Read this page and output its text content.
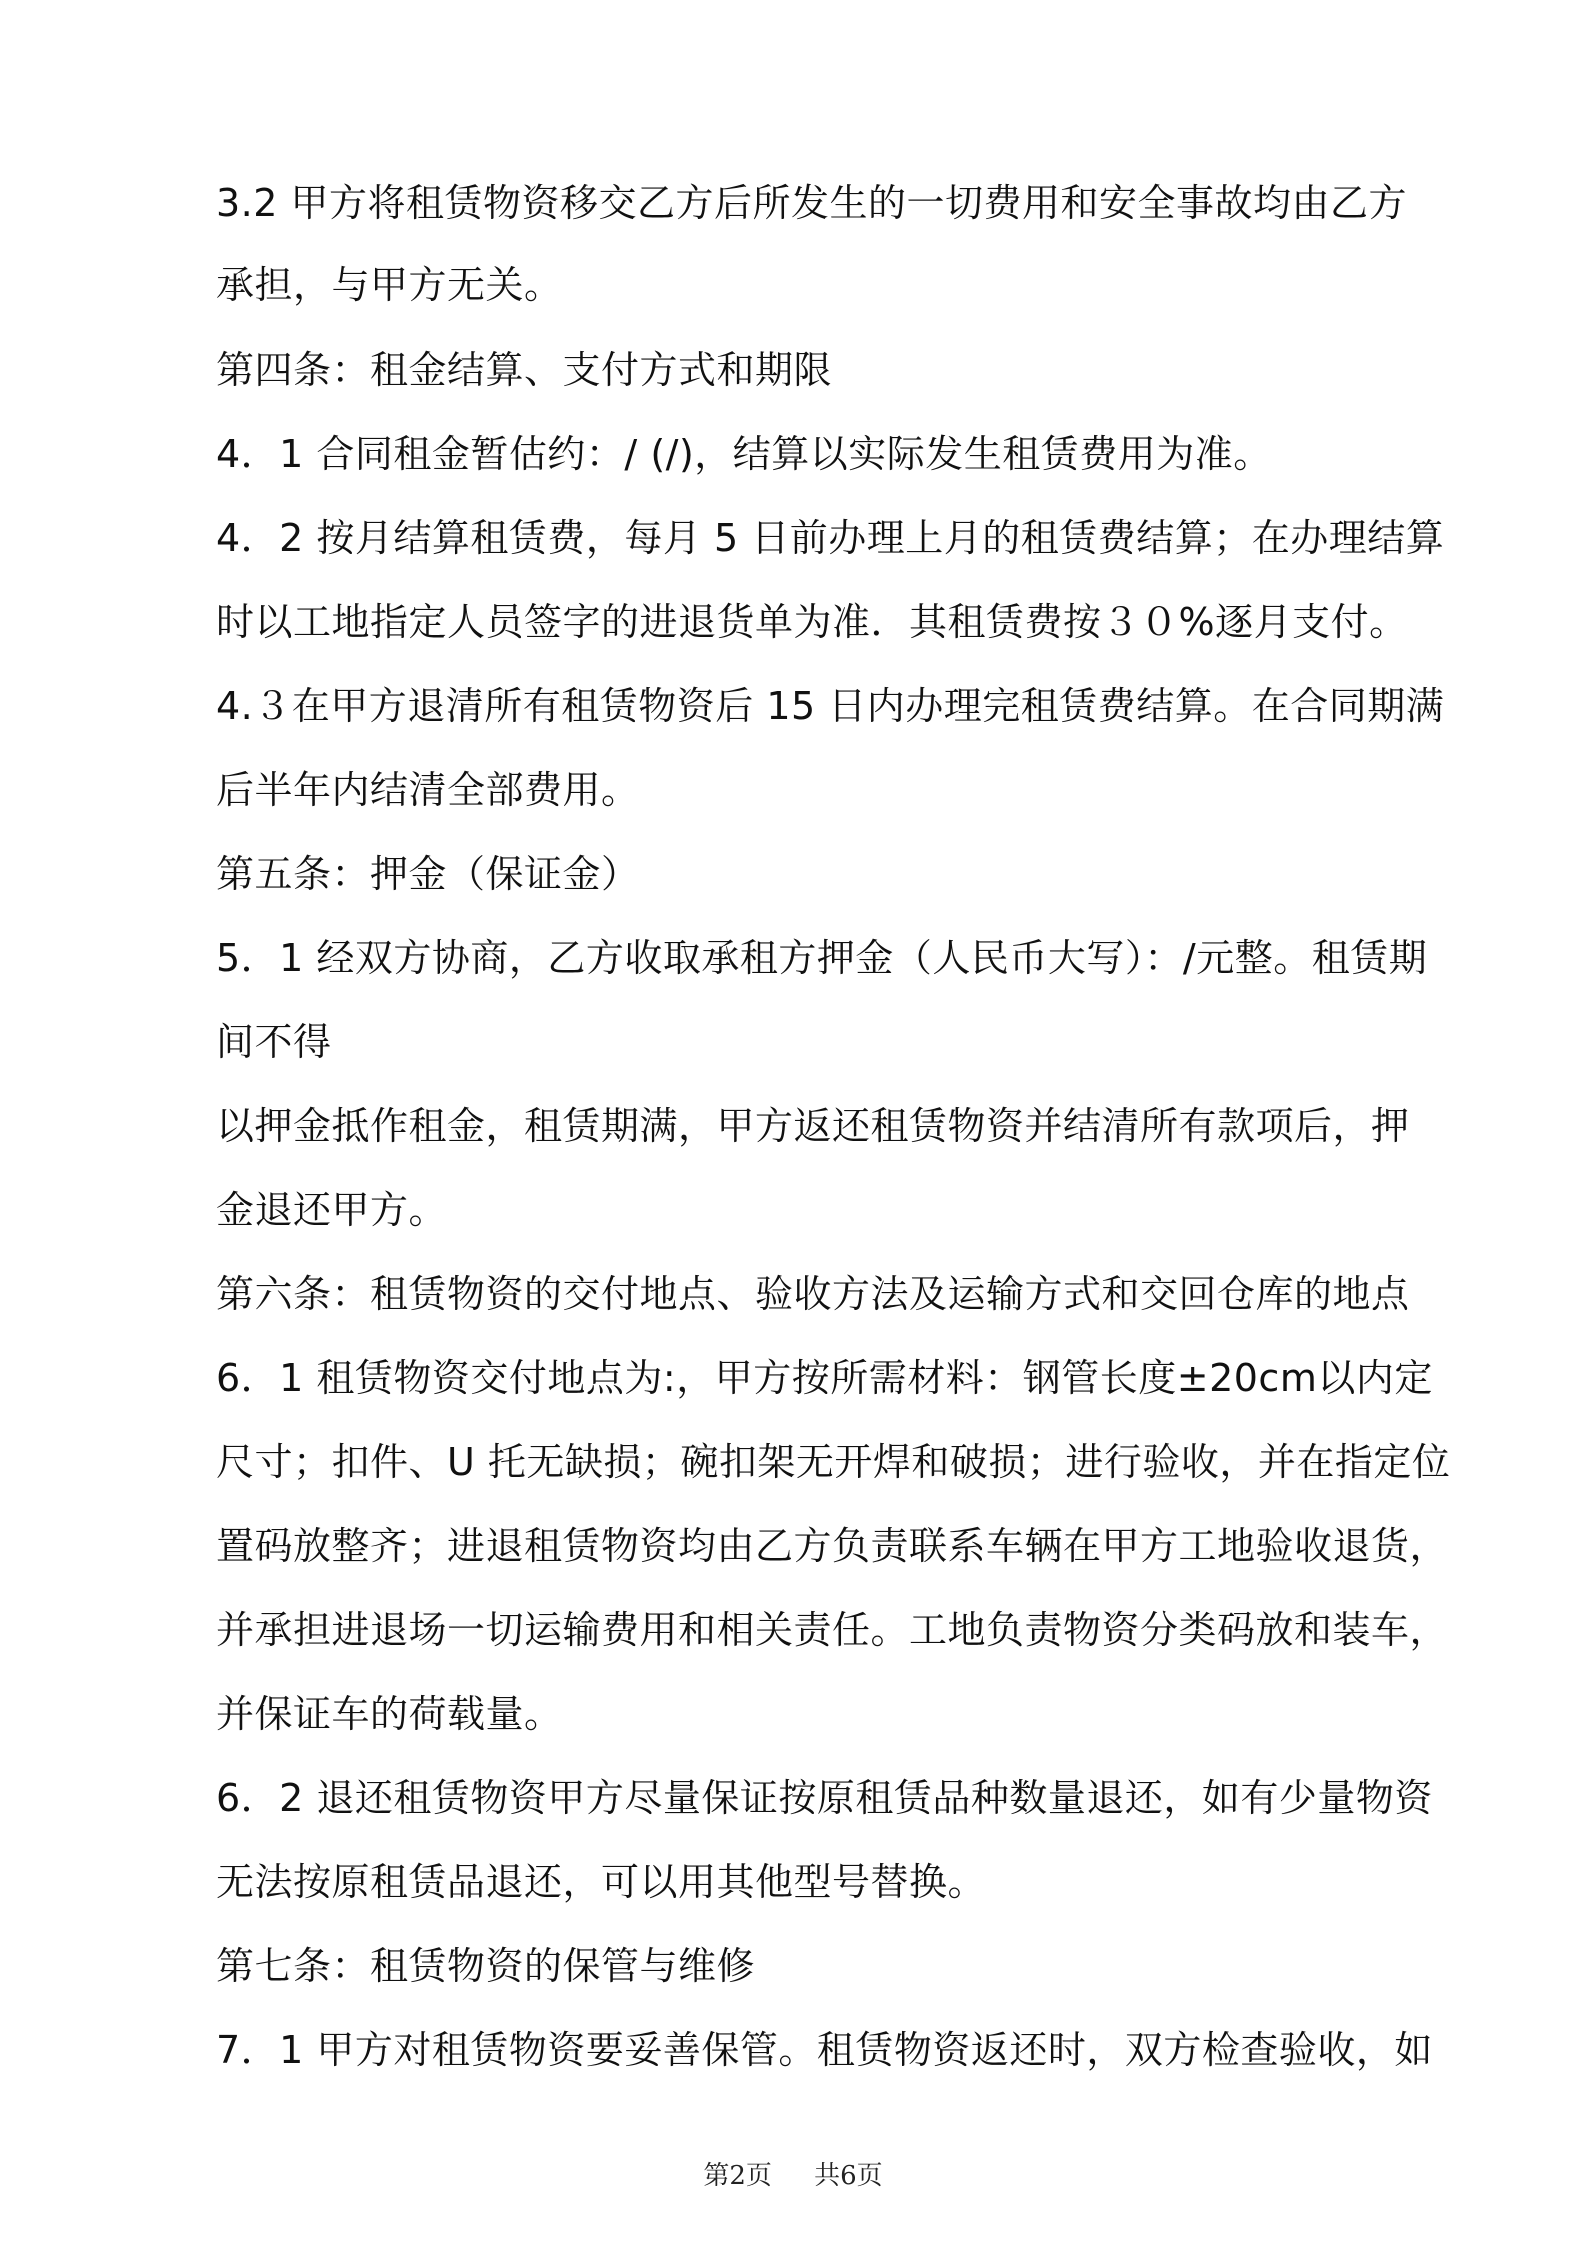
3.2 甲方将租赁物资移交乙方后所发生的一切费用和安全事故均由乙方
承担，与甲方无关。
第四条：租金结算、支付方式和期限
4．1 合同租金暂估约：/ (/)，结算以实际发生租赁费用为准。
4．2 按月结算租赁费，每月 5 日前办理上月的租赁费结算；在办理结算
时以工地指定人员签字的进退货单为准．其租赁费按３０%逐月支付。
4.３在甲方退清所有租赁物资后 15 日内办理完租赁费结算。在合同期满
后半年内结清全部费用。
第五条：押金（保证金）
5．1 经双方协商，乙方收取承租方押金（人民币大写）：/元整。租赁期
间不得
以押金抵作租金，租赁期满，甲方返还租赁物资并结清所有款项后，押
金退还甲方。
第六条：租赁物资的交付地点、验收方法及运输方式和交回仓库的地点
6．1 租赁物资交付地点为:，甲方按所需材料：钢管长度±20cm以内定
尺寸；扣件、U 托无缺损；碗扣架无开焊和破损；进行验收，并在指定位
置码放整齐；进退租赁物资均由乙方负责联系车辆在甲方工地验收退货，
并承担进退场一切运输费用和相关责任。工地负责物资分类码放和装车，
并保证车的荷载量。
6．2 退还租赁物资甲方尽量保证按原租赁品种数量退还，如有少量物资
无法按原租赁品退还，可以用其他型号替换。
第七条：租赁物资的保管与维修
7．1 甲方对租赁物资要妥善保管。租赁物资返还时，双方检查验收，如
第2页 共6页
